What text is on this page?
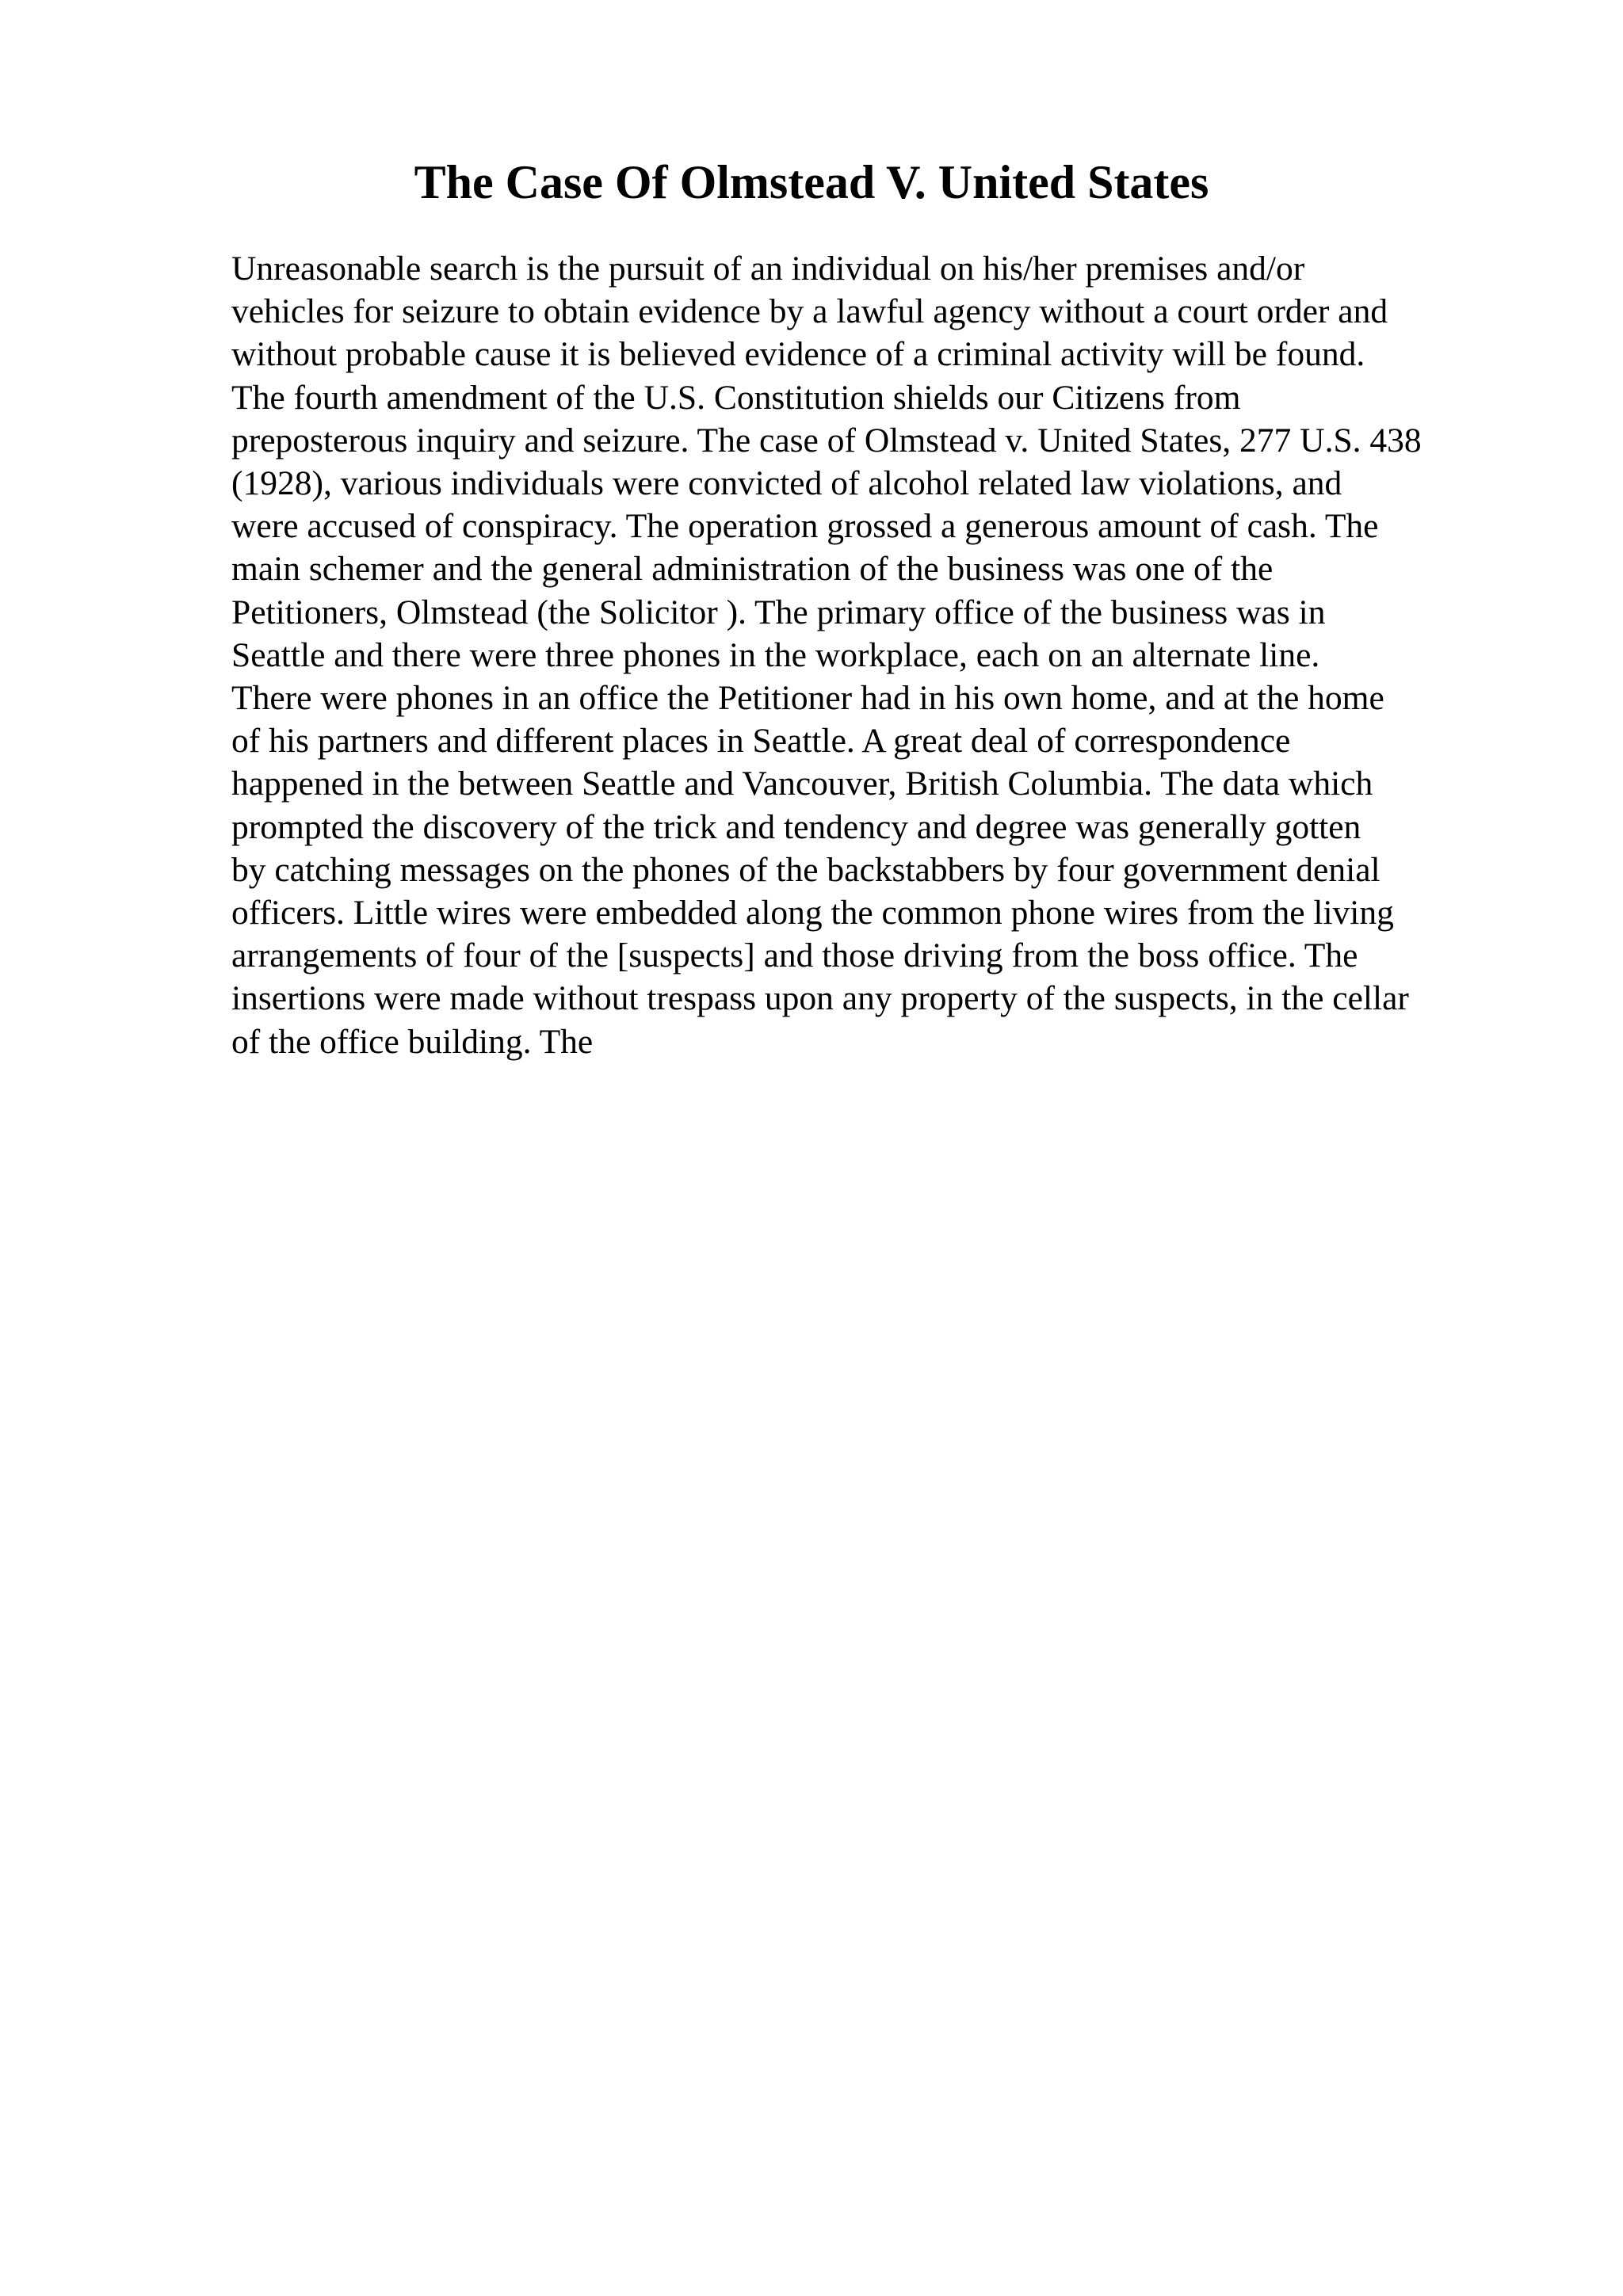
The Case Of Olmstead V. United States
Unreasonable search is the pursuit of an individual on his/her premises and/or
vehicles for seizure to obtain evidence by a lawful agency without a court order and
without probable cause it is believed evidence of a criminal activity will be found.
The fourth amendment of the U.S. Constitution shields our Citizens from
preposterous inquiry and seizure. The case of Olmstead v. United States, 277 U.S. 438
(1928), various individuals were convicted of alcohol related law violations, and
were accused of conspiracy. The operation grossed a generous amount of cash. The
main schemer and the general administration of the business was one of the
Petitioners, Olmstead (the Solicitor ). The primary office of the business was in
Seattle and there were three phones in the workplace, each on an alternate line.
There were phones in an office the Petitioner had in his own home, and at the home
of his partners and different places in Seattle. A great deal of correspondence
happened in the between Seattle and Vancouver, British Columbia. The data which
prompted the discovery of the trick and tendency and degree was generally gotten
by catching messages on the phones of the backstabbers by four government denial
officers. Little wires were embedded along the common phone wires from the living
arrangements of four of the [suspects] and those driving from the boss office. The
insertions were made without trespass upon any property of the suspects, in the cellar
of the office building. The
